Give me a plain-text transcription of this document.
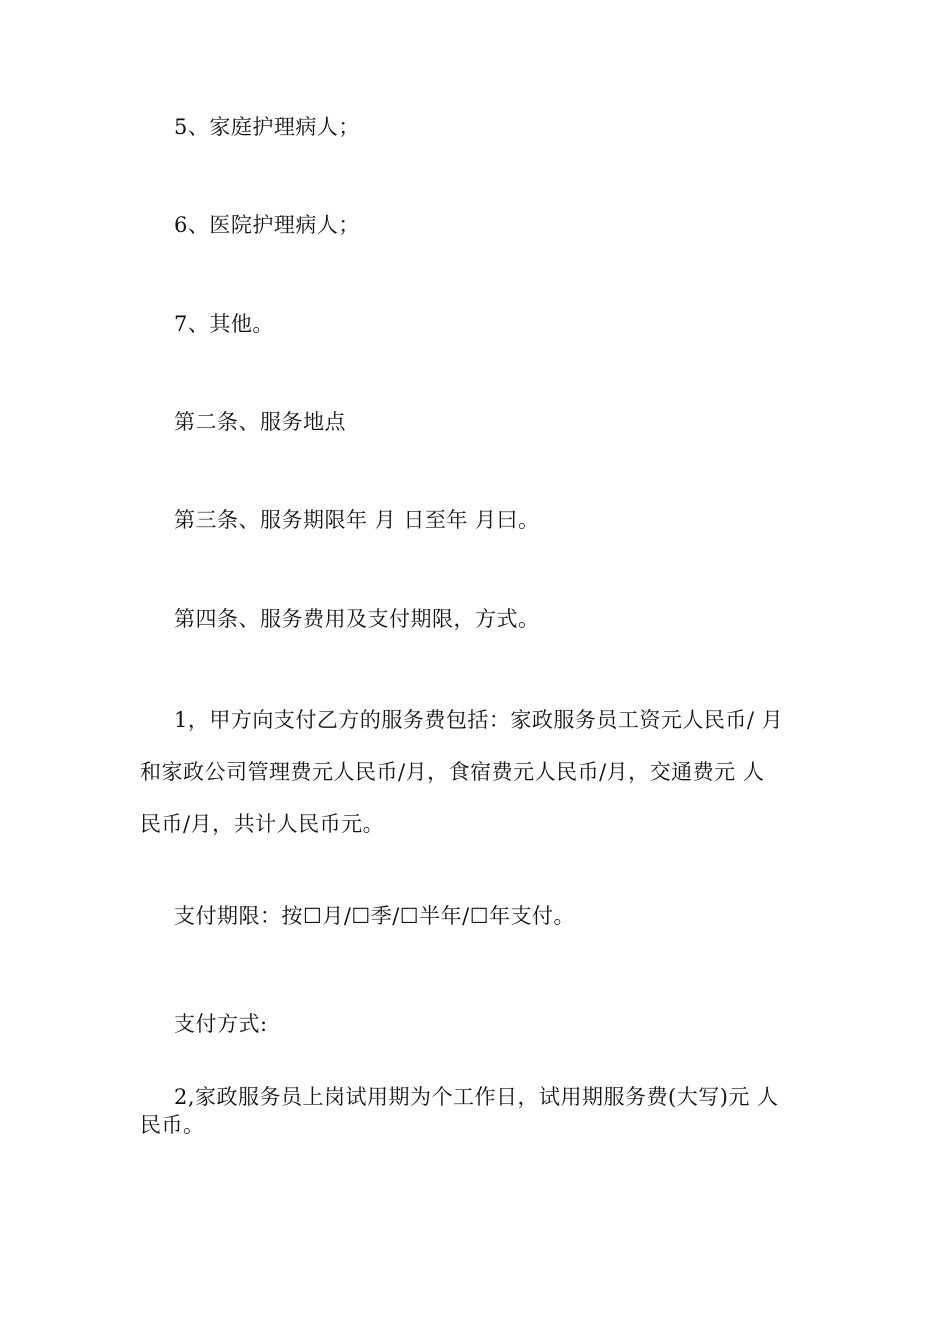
5、家庭护理病人；

6、医院护理病人；

7、其他。

第二条、服务地点

第三条、服务期限年 月 日至年 月曰。

第四条、服务费用及支付期限，方式。

1，甲方向支付乙方的服务费包括：家政服务员工资元人民币/ 月
和家政公司管理费元人民币/月，食宿费元人民币/月，交通费元 人
民币/月，共计人民币元。

支付期限：按☐月/☐季/☐半年/☐年支付。

支付方式:

2,家政服务员上岗试用期为个工作日，试用期服务费(大写)元 人
民币。
